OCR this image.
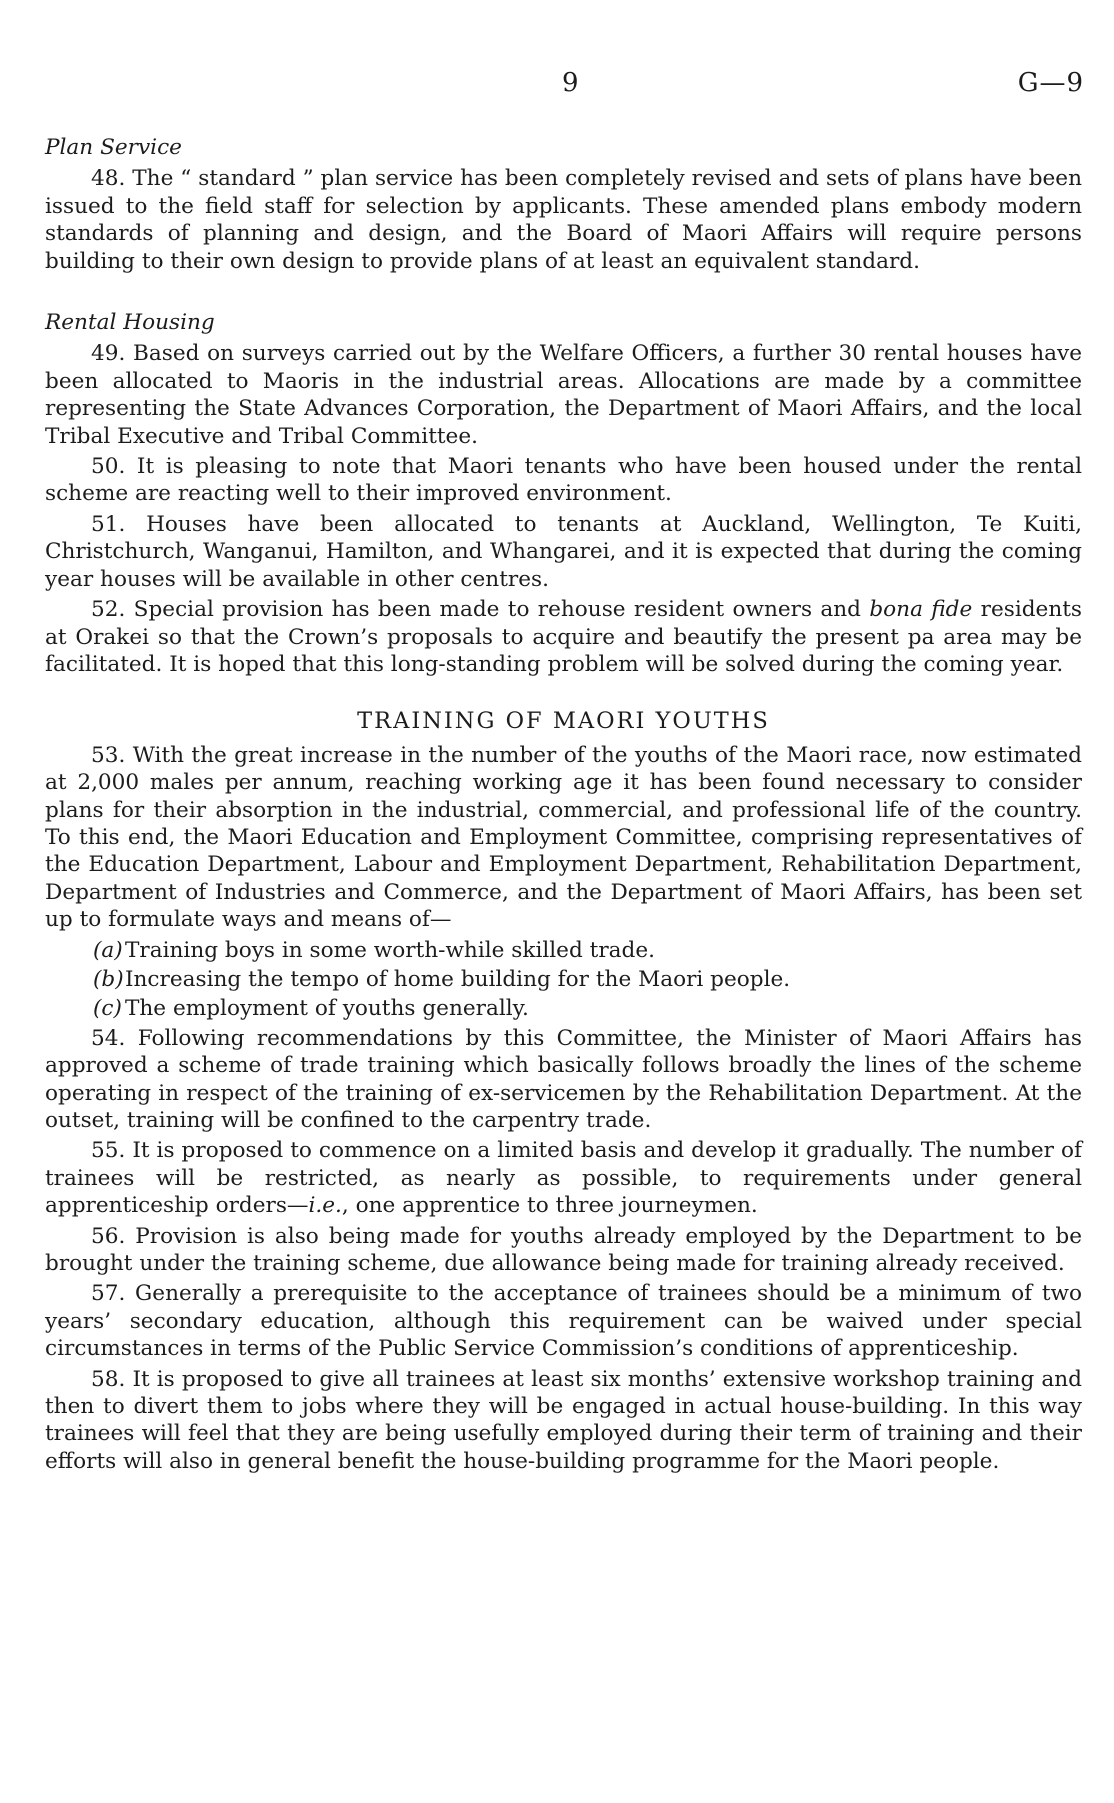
9	G—9
Plan Service

48. The “ standard ” plan service has been completely revised and sets of plans have been issued to the field staff for selection by applicants. These amended plans embody modern standards of planning and design, and the Board of Maori Affairs will require persons building to their own design to provide plans of at least an equivalent standard.

Rental Housing

49. Based on surveys carried out by the Welfare Officers, a further 30 rental houses have been allocated to Maoris in the industrial areas. Allocations are made by a committee representing the State Advances Corporation, the Department of Maori Affairs, and the local Tribal Executive and Tribal Committee.

50. It is pleasing to note that Maori tenants who have been housed under the rental scheme are reacting well to their improved environment.

51. Houses have been allocated to tenants at Auckland, Wellington, Te Kuiti, Christchurch, Wanganui, Hamilton, and Whangarei, and it is expected that during the coming year houses will be available in other centres.

52. Special provision has been made to rehouse resident owners and bona fide residents at Orakei so that the Crown’s proposals to acquire and beautify the present pa area may be facilitated. It is hoped that this long-standing problem will be solved during the coming year.

TRAINING OF MAORI YOUTHS

53. With the great increase in the number of the youths of the Maori race, now estimated at 2,000 males per annum, reaching working age it has been found necessary to consider plans for their absorption in the industrial, commercial, and professional life of the country. To this end, the Maori Education and Employment Committee, comprising representatives of the Education Department, Labour and Employment Department, Rehabilitation Department, Department of Industries and Commerce, and the Department of Maori Affairs, has been set up to formulate ways and means of—

(a) Training boys in some worth-while skilled trade.
(b)Increasing the tempo of home building for the Maori people.
(c) The employment of youths generally.

54. Following recommendations by this Committee, the Minister of Maori Affairs has approved a scheme of trade training which basically follows broadly the lines of the scheme operating in respect of the training of ex-servicemen by the Rehabilitation Department. At the outset, training will be confined to the carpentry trade.

55. It is proposed to commence on a limited basis and develop it gradually. The number of trainees will be restricted, as nearly as possible, to requirements under general apprenticeship orders—i.e., one apprentice to three journeymen.

56. Provision is also being made for youths already employed by the Department to be brought under the training scheme, due allowance being made for training already received.

57. Generally a prerequisite to the acceptance of trainees should be a minimum of two years’ secondary education, although this requirement can be waived under special circumstances in terms of the Public Service Commission’s conditions of apprenticeship.

58. It is proposed to give all trainees at least six months’ extensive workshop training and then to divert them to jobs where they will be engaged in actual house-building. In this way trainees will feel that they are being usefully employed during their term of training and their efforts will also in general benefit the house-building programme for the Maori people.
